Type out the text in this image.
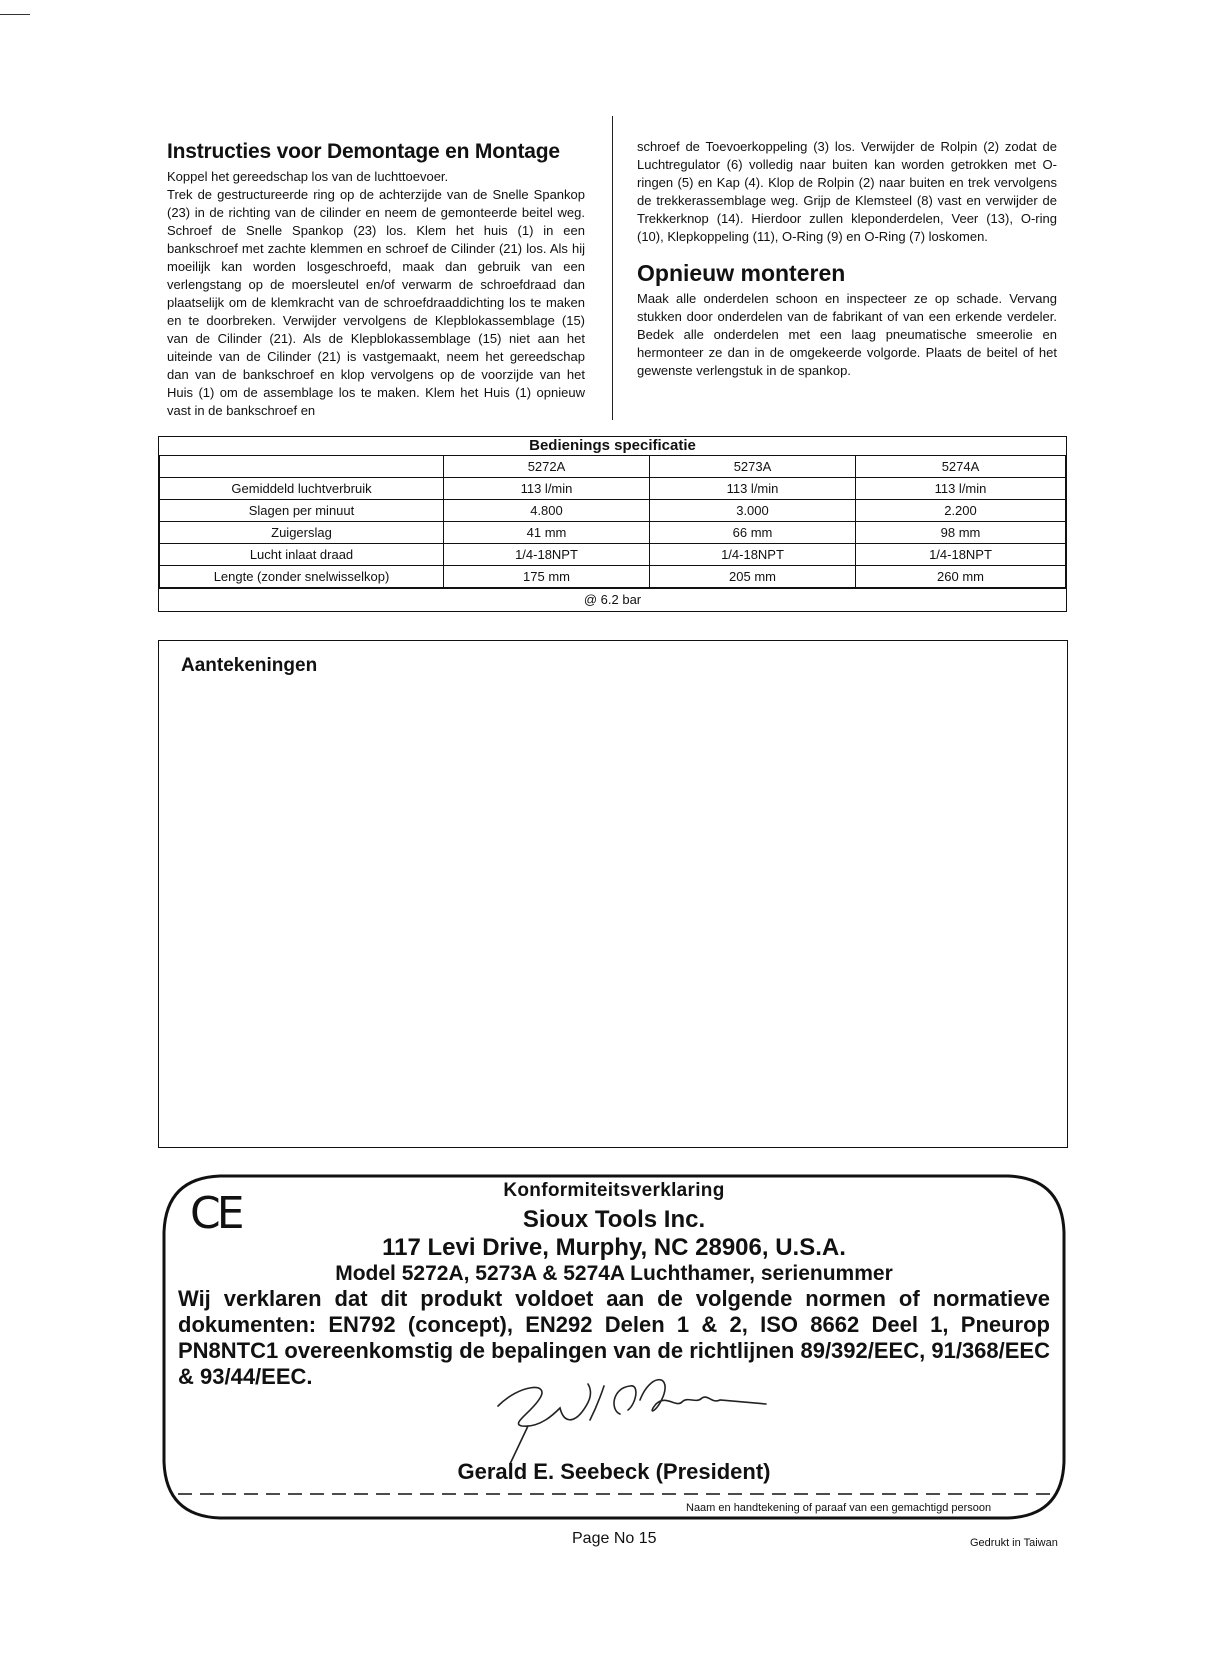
Instructies voor Demontage en Montage

Koppel het gereedschap los van de luchttoevoer.

Trek de gestructureerde ring op de achterzijde van de Snelle Spankop (23) in de richting van de cilinder en neem de gemonteerde beitel weg. Schroef de Snelle Spankop (23) los. Klem het huis (1) in een bankschroef met zachte klemmen en schroef de Cilinder (21) los. Als hij moeilijk kan worden losgeschroefd, maak dan gebruik van een verlengstang op de moersleutel en/of verwarm de schroefdraad dan plaatselijk om de klemkracht van de schroefdraaddichting los te maken en te doorbreken. Verwijder vervolgens de Klepblokassemblage (15) van de Cilinder (21). Als de Klepblokassemblage (15) niet aan het uiteinde van de Cilinder (21) is vastgemaakt, neem het gereedschap dan van de bankschroef en klop vervolgens op de voorzijde van het Huis (1) om de assemblage los te maken. Klem het Huis (1) opnieuw vast in de bankschroef en

schroef de Toevoerkoppeling (3) los. Verwijder de Rolpin (2) zodat de Luchtregulator (6) volledig naar buiten kan worden getrokken met O-ringen (5) en Kap (4). Klop de Rolpin (2) naar buiten en trek vervolgens de trekkerassemblage weg. Grijp de Klemsteel (8) vast en verwijder de Trekkerknop (14). Hierdoor zullen kleponderdelen, Veer (13), O-ring (10), Klepkoppeling (11), O-Ring (9) en O-Ring (7) loskomen.

Opnieuw monteren

Maak alle onderdelen schoon en inspecteer ze op schade. Vervang stukken door onderdelen van de fabrikant of van een erkende verdeler. Bedek alle onderdelen met een laag pneumatische smeerolie en hermonteer ze dan in de omgekeerde volgorde. Plaats de beitel of het gewenste verlengstuk in de spankop.

Bedienings specificatie
	5272A	5273A	5274A
Gemiddeld luchtverbruik	113 l/min	113 l/min	113 l/min
Slagen per minuut	4.800	3.000	2.200
Zuigerslag	41 mm	66 mm	98 mm
Lucht inlaat draad	1/4-18NPT	1/4-18NPT	1/4-18NPT
Lengte (zonder snelwisselkop)	175 mm	205 mm	260 mm
@ 6.2 bar
Aantekeningen
CE	Konformiteitsverklaring
Sioux Tools Inc.
117 Levi Drive, Murphy, NC 28906, U.S.A.
Model 5272A, 5273A & 5274A Luchthamer, serienummer
Wij verklaren dat dit produkt voldoet aan de volgende normen of normatieve dokumenten: EN792 (concept), EN292 Delen 1 & 2, ISO 8662 Deel 1, Pneurop PN8NTC1 overeenkomstig de bepalingen van de richtlijnen 89/392/EEC, 91/368/EEC & 93/44/EEC.
Gerald E. Seebeck (President)
Naam en handtekening of paraaf van een gemachtigd persoon
Page No 15	Gedrukt in Taiwan
